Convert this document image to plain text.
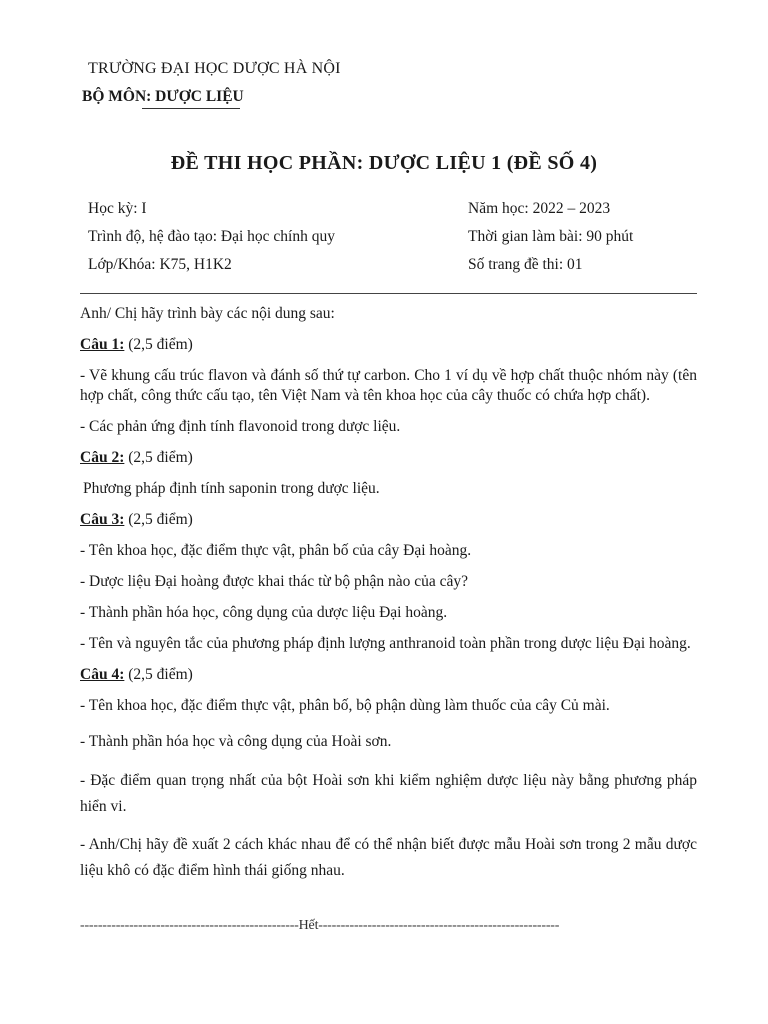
TRƯỜNG ĐẠI HỌC DƯỢC HÀ NỘI
BỘ MÔN: DƯỢC LIỆU
ĐỀ THI HỌC PHẦN: DƯỢC LIỆU 1 (ĐỀ SỐ 4)
Học kỳ: I
Trình độ, hệ đào tạo: Đại học chính quy
Lớp/Khóa: K75, H1K2
Năm học: 2022 – 2023
Thời gian làm bài: 90 phút
Số trang đề thi: 01

Anh/ Chị hãy trình bày các nội dung sau:

Câu 1: (2,5 điểm)

- Vẽ khung cấu trúc flavon và đánh số thứ tự carbon. Cho 1 ví dụ về hợp chất thuộc nhóm này (tên hợp chất, công thức cấu tạo, tên Việt Nam và tên khoa học của cây thuốc có chứa hợp chất).

- Các phản ứng định tính flavonoid trong dược liệu.

Câu 2: (2,5 điểm)

Phương pháp định tính saponin trong dược liệu.

Câu 3: (2,5 điểm)

- Tên khoa học, đặc điểm thực vật, phân bố của cây Đại hoàng.

- Dược liệu Đại hoàng được khai thác từ bộ phận nào của cây?

- Thành phần hóa học, công dụng của dược liệu Đại hoàng.

- Tên và nguyên tắc của phương pháp định lượng anthranoid toàn phần trong dược liệu Đại hoàng.

Câu 4: (2,5 điểm)

- Tên khoa học, đặc điểm thực vật, phân bố, bộ phận dùng làm thuốc của cây Củ mài.

- Thành phần hóa học và công dụng của Hoài sơn.

- Đặc điểm quan trọng nhất của bột Hoài sơn khi kiểm nghiệm dược liệu này bằng phương pháp hiển vi.

- Anh/Chị hãy đề xuất 2 cách khác nhau để có thể nhận biết được mẫu Hoài sơn trong 2 mẫu dược liệu khô có đặc điểm hình thái giống nhau.

-------------------------------------------------Hết------------------------------------------------------
